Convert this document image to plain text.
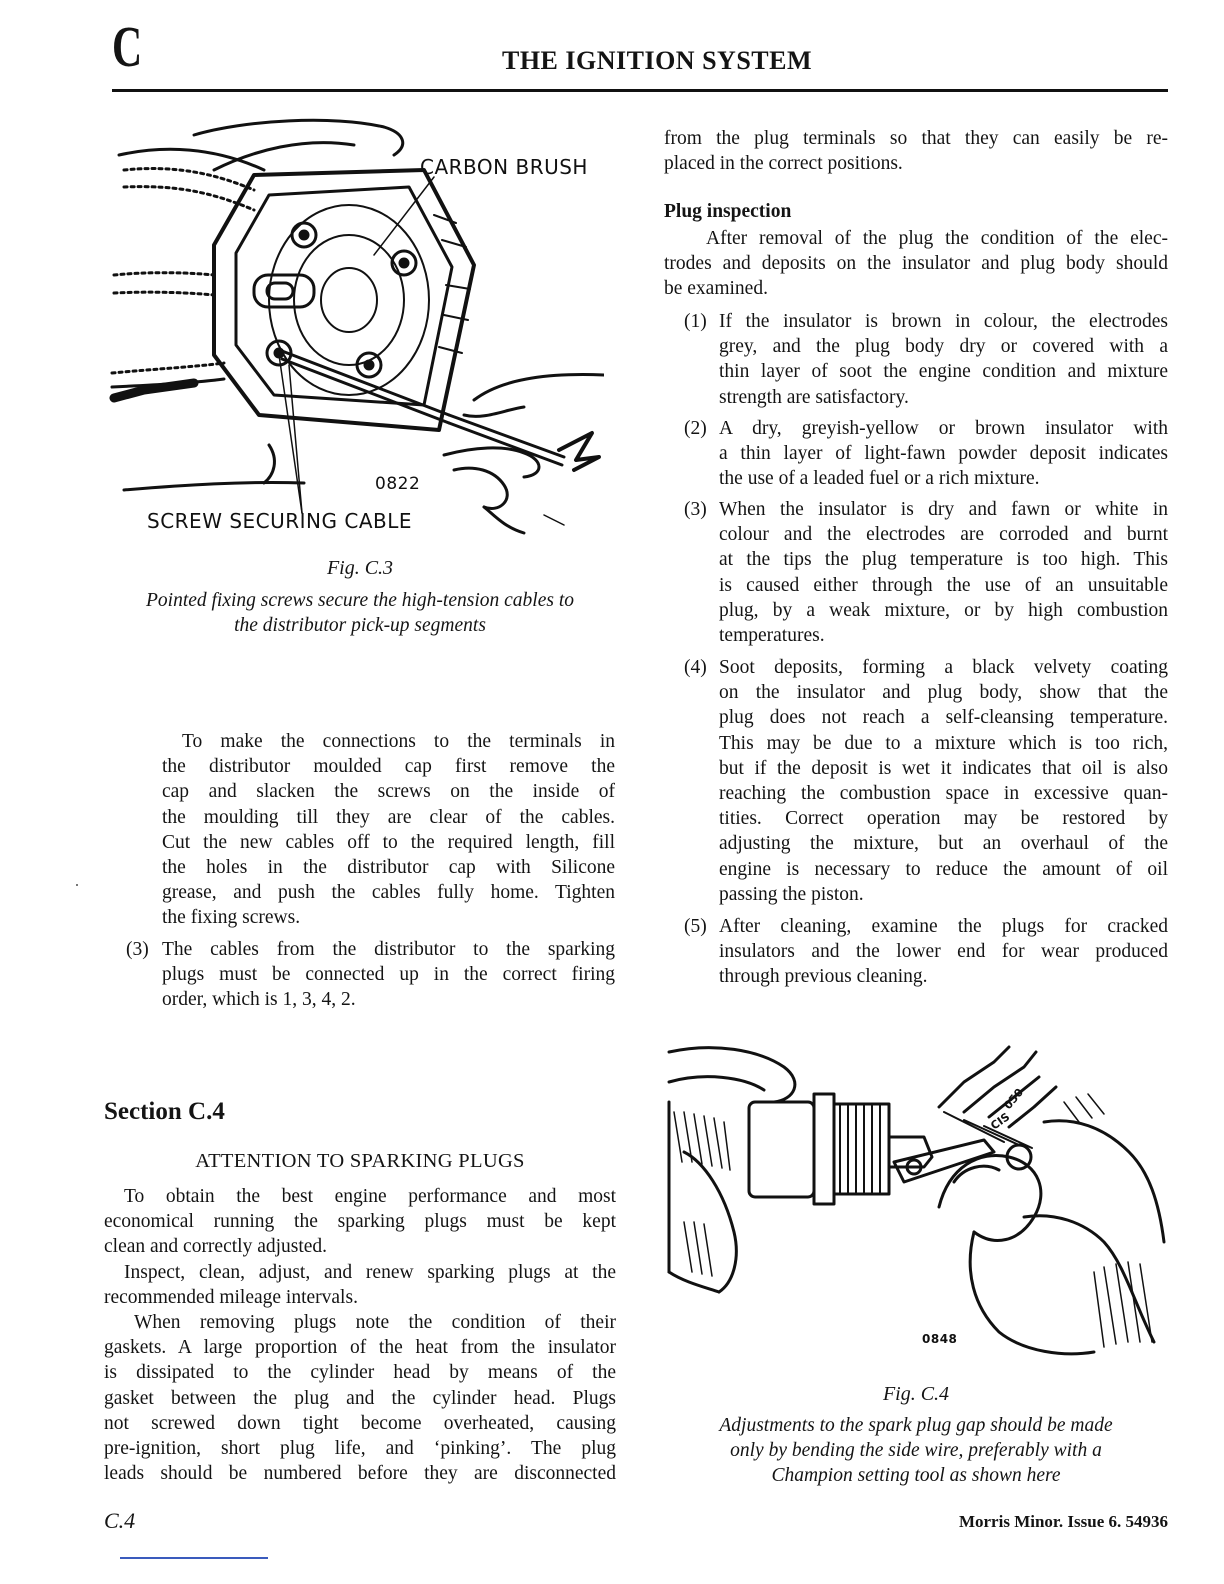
C	THE IGNITION SYSTEM
CARBON BRUSH
0822
SCREW SECURING CABLE
Fig. C.3
Pointed fixing screws secure the high-tension cables to
the distributor pick-up segments
To make the connections to the terminals in
the distributor moulded cap first remove the
cap and slacken the screws on the inside of
the moulding till they are clear of the cables.
Cut the new cables off to the required length, fill
the holes in the distributor cap with Silicone
grease, and push the cables fully home. Tighten
the fixing screws.
(3) The cables from the distributor to the sparking
plugs must be connected up in the correct firing
order, which is 1, 3, 4, 2.
Section C.4
ATTENTION TO SPARKING PLUGS
To obtain the best engine performance and most
economical running the sparking plugs must be kept
clean and correctly adjusted.
Inspect, clean, adjust, and renew sparking plugs at the
recommended mileage intervals.
When removing plugs note the condition of their
gaskets. A large proportion of the heat from the insulator
is dissipated to the cylinder head by means of the
gasket between the plug and the cylinder head. Plugs
not screwed down tight become overheated, causing
pre-ignition, short plug life, and ‘pinking’. The plug
leads should be numbered before they are disconnected
from the plug terminals so that they can easily be re-
placed in the correct positions.
Plug inspection
After removal of the plug the condition of the elec-
trodes and deposits on the insulator and plug body should
be examined.
(1) If the insulator is brown in colour, the electrodes
grey, and the plug body dry or covered with a
thin layer of soot the engine condition and mixture
strength are satisfactory.
(2) A dry, greyish-yellow or brown insulator with
a thin layer of light-fawn powder deposit indicates
the use of a leaded fuel or a rich mixture.
(3) When the insulator is dry and fawn or white in
colour and the electrodes are corroded and burnt
at the tips the plug temperature is too high. This
is caused either through the use of an unsuitable
plug, by a weak mixture, or by high combustion
temperatures.
(4) Soot deposits, forming a black velvety coating
on the insulator and plug body, show that the
plug does not reach a self-cleansing temperature.
This may be due to a mixture which is too rich,
but if the deposit is wet it indicates that oil is also
reaching the combustion space in excessive quan-
tities. Correct operation may be restored by
adjusting the mixture, but an overhaul of the
engine is necessary to reduce the amount of oil
passing the piston.
(5) After cleaning, examine the plugs for cracked
insulators and the lower end for wear produced
through previous cleaning.
CIS
050
0848
Fig. C.4
Adjustments to the spark plug gap should be made
only by bending the side wire, preferably with a
Champion setting tool as shown here
C.4	Morris Minor. Issue 6. 54936
